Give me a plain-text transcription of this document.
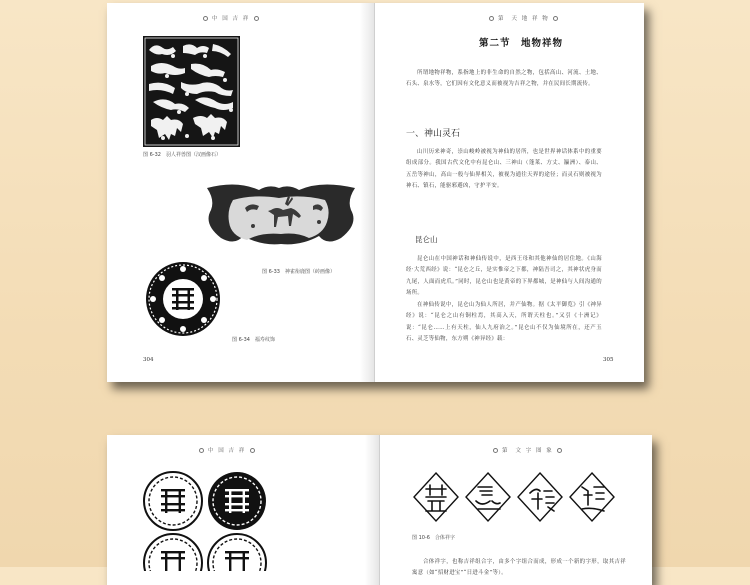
中 国 吉 祥
图 6-32　羽人祥兽图（汉画像石）
图 6-33　神雀衔鹿图（砖画像）
图 6-34　福寿纹饰
304
第 天 地 祥 物
第二节　地物祥物
所谓地物祥物，系指地上的非生命的自然之物，包括高山、河流、土地、石头、泉水等，它们因有文化意义而被视为吉祥之物，并在民间长期流传。
一、神山灵石
山川历来神奇，崇山峻岭被视为神仙的居所，也是世界神话体系中的重要组成部分。我国古代文化中有昆仑山、三神山（蓬莱、方丈、瀛洲）、泰山、五岳等神山，高山一般与仙界相关，被视为通往天界的途径；而灵石则被视为神石、镇石，能驱邪避凶，守护平安。
昆仑山
昆仑山在中国神话和神仙传说中，是西王母和其他神仙的居住地。《山海经·大荒西经》说：“昆仑之丘，是实惟帝之下都，神陆吾司之，其神状虎身而九尾，人面而虎爪。”同时，昆仑山也是黄帝的下界都城，是神仙与人间沟通的场所。
在神仙传说中，昆仑山为仙人所居，并产仙物。据《太平御览》引《神异经》说：“昆仑之山有铜柱焉，其高入天，所谓天柱也。”又引《十洲记》说：“昆仑……上有天柱，仙人九府治之。”昆仑山不仅为仙境所在，还产玉石、灵芝等仙物，东方朔《神异经》载：
305
中 国 吉 祥	第 文 字 图 象
图 10-6　合体祥字
合体祥字，也称吉祥组合字，由多个字组合而成，形成一个新的字形，取其吉祥寓意（如“招财进宝”“日进斗金”等）。
